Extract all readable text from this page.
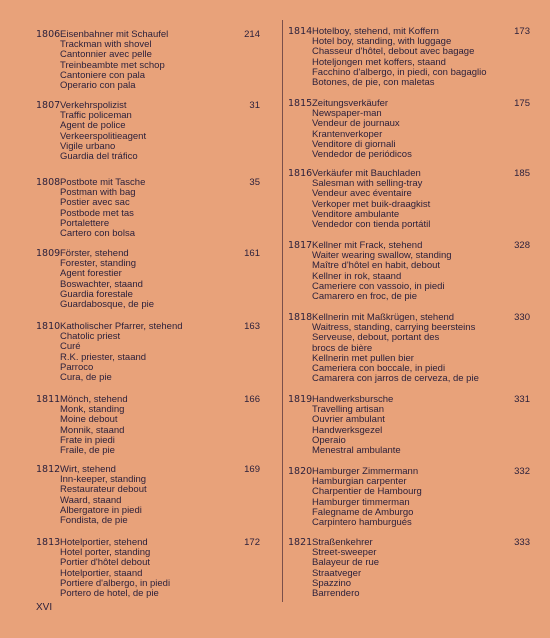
1806 Eisenbahner mit Schaufel
Trackman with shovel
Cantonnier avec pelle
Treinbeambte met schop
Cantoniere con pala
Operario con pala
214
1807 Verkehrspolizist
Traffic policeman
Agent de police
Verkeerspolitieagent
Vigile urbano
Guardia del tráfico
31
1808 Postbote mit Tasche
Postman with bag
Postier avec sac
Postbode met tas
Portalettere
Cartero con bolsa
35
1809 Förster, stehend
Forester, standing
Agent forestier
Boswachter, staand
Guardia forestale
Guardabosque, de pie
161
1810 Katholischer Pfarrer, stehend
Chatolic priest
Curé
R.K. priester, staand
Parroco
Cura, de pie
163
1811 Mönch, stehend
Monk, standing
Moine debout
Monnik, staand
Frate in piedi
Fraile, de pie
166
1812 Wirt, stehend
Inn-keeper, standing
Restaurateur debout
Waard, staand
Albergatore in piedi
Fondista, de pie
169
1813 Hotelportier, stehend
Hotel porter, standing
Portier d'hôtel debout
Hotelportier, staand
Portiere d'albergo, in piedi
Portero de hotel, de pie
172
1814 Hotelboy, stehend, mit Koffern
Hotel boy, standing, with luggage
Chasseur d'hôtel, debout avec bagage
Hoteljongen met koffers, staand
Facchino d'albergo, in piedi, con bagaglio
Botones, de pie, con maletas
173
1815 Zeitungsverkäufer
Newspaper-man
Vendeur de journaux
Krantenverkoper
Venditore di giornali
Vendedor de periódicos
175
1816 Verkäufer mit Bauchladen
Salesman with selling-tray
Vendeur avec éventaire
Verkoper met buik-draagkist
Venditore ambulante
Vendedor con tienda portátil
185
1817 Kellner mit Frack, stehend
Waiter wearing swallow, standing
Maître d'hôtel en habit, debout
Kellner in rok, staand
Cameriere con vassoio, in piedi
Camarero en froc, de pie
328
1818 Kellnerin mit Maßkrügen, stehend
Waitress, standing, carrying beersteins
Serveuse, debout, portant des
brocs de bière
Kellnerin met pullen bier
Cameriera con boccale, in piedi
Camarera con jarros de cerveza, de pie
330
1819 Handwerksbursche
Travelling artisan
Ouvrier ambulant
Handwerksgezel
Operaio
Menestral ambulante
331
1820 Hamburger Zimmermann
Hamburgian carpenter
Charpentier de Hambourg
Hamburger timmerman
Falegname de Amburgo
Carpintero hamburgués
332
1821 Straßenkehrer
Street-sweeper
Balayeur de rue
Straatveger
Spazzino
Barrendero
333
XVI
